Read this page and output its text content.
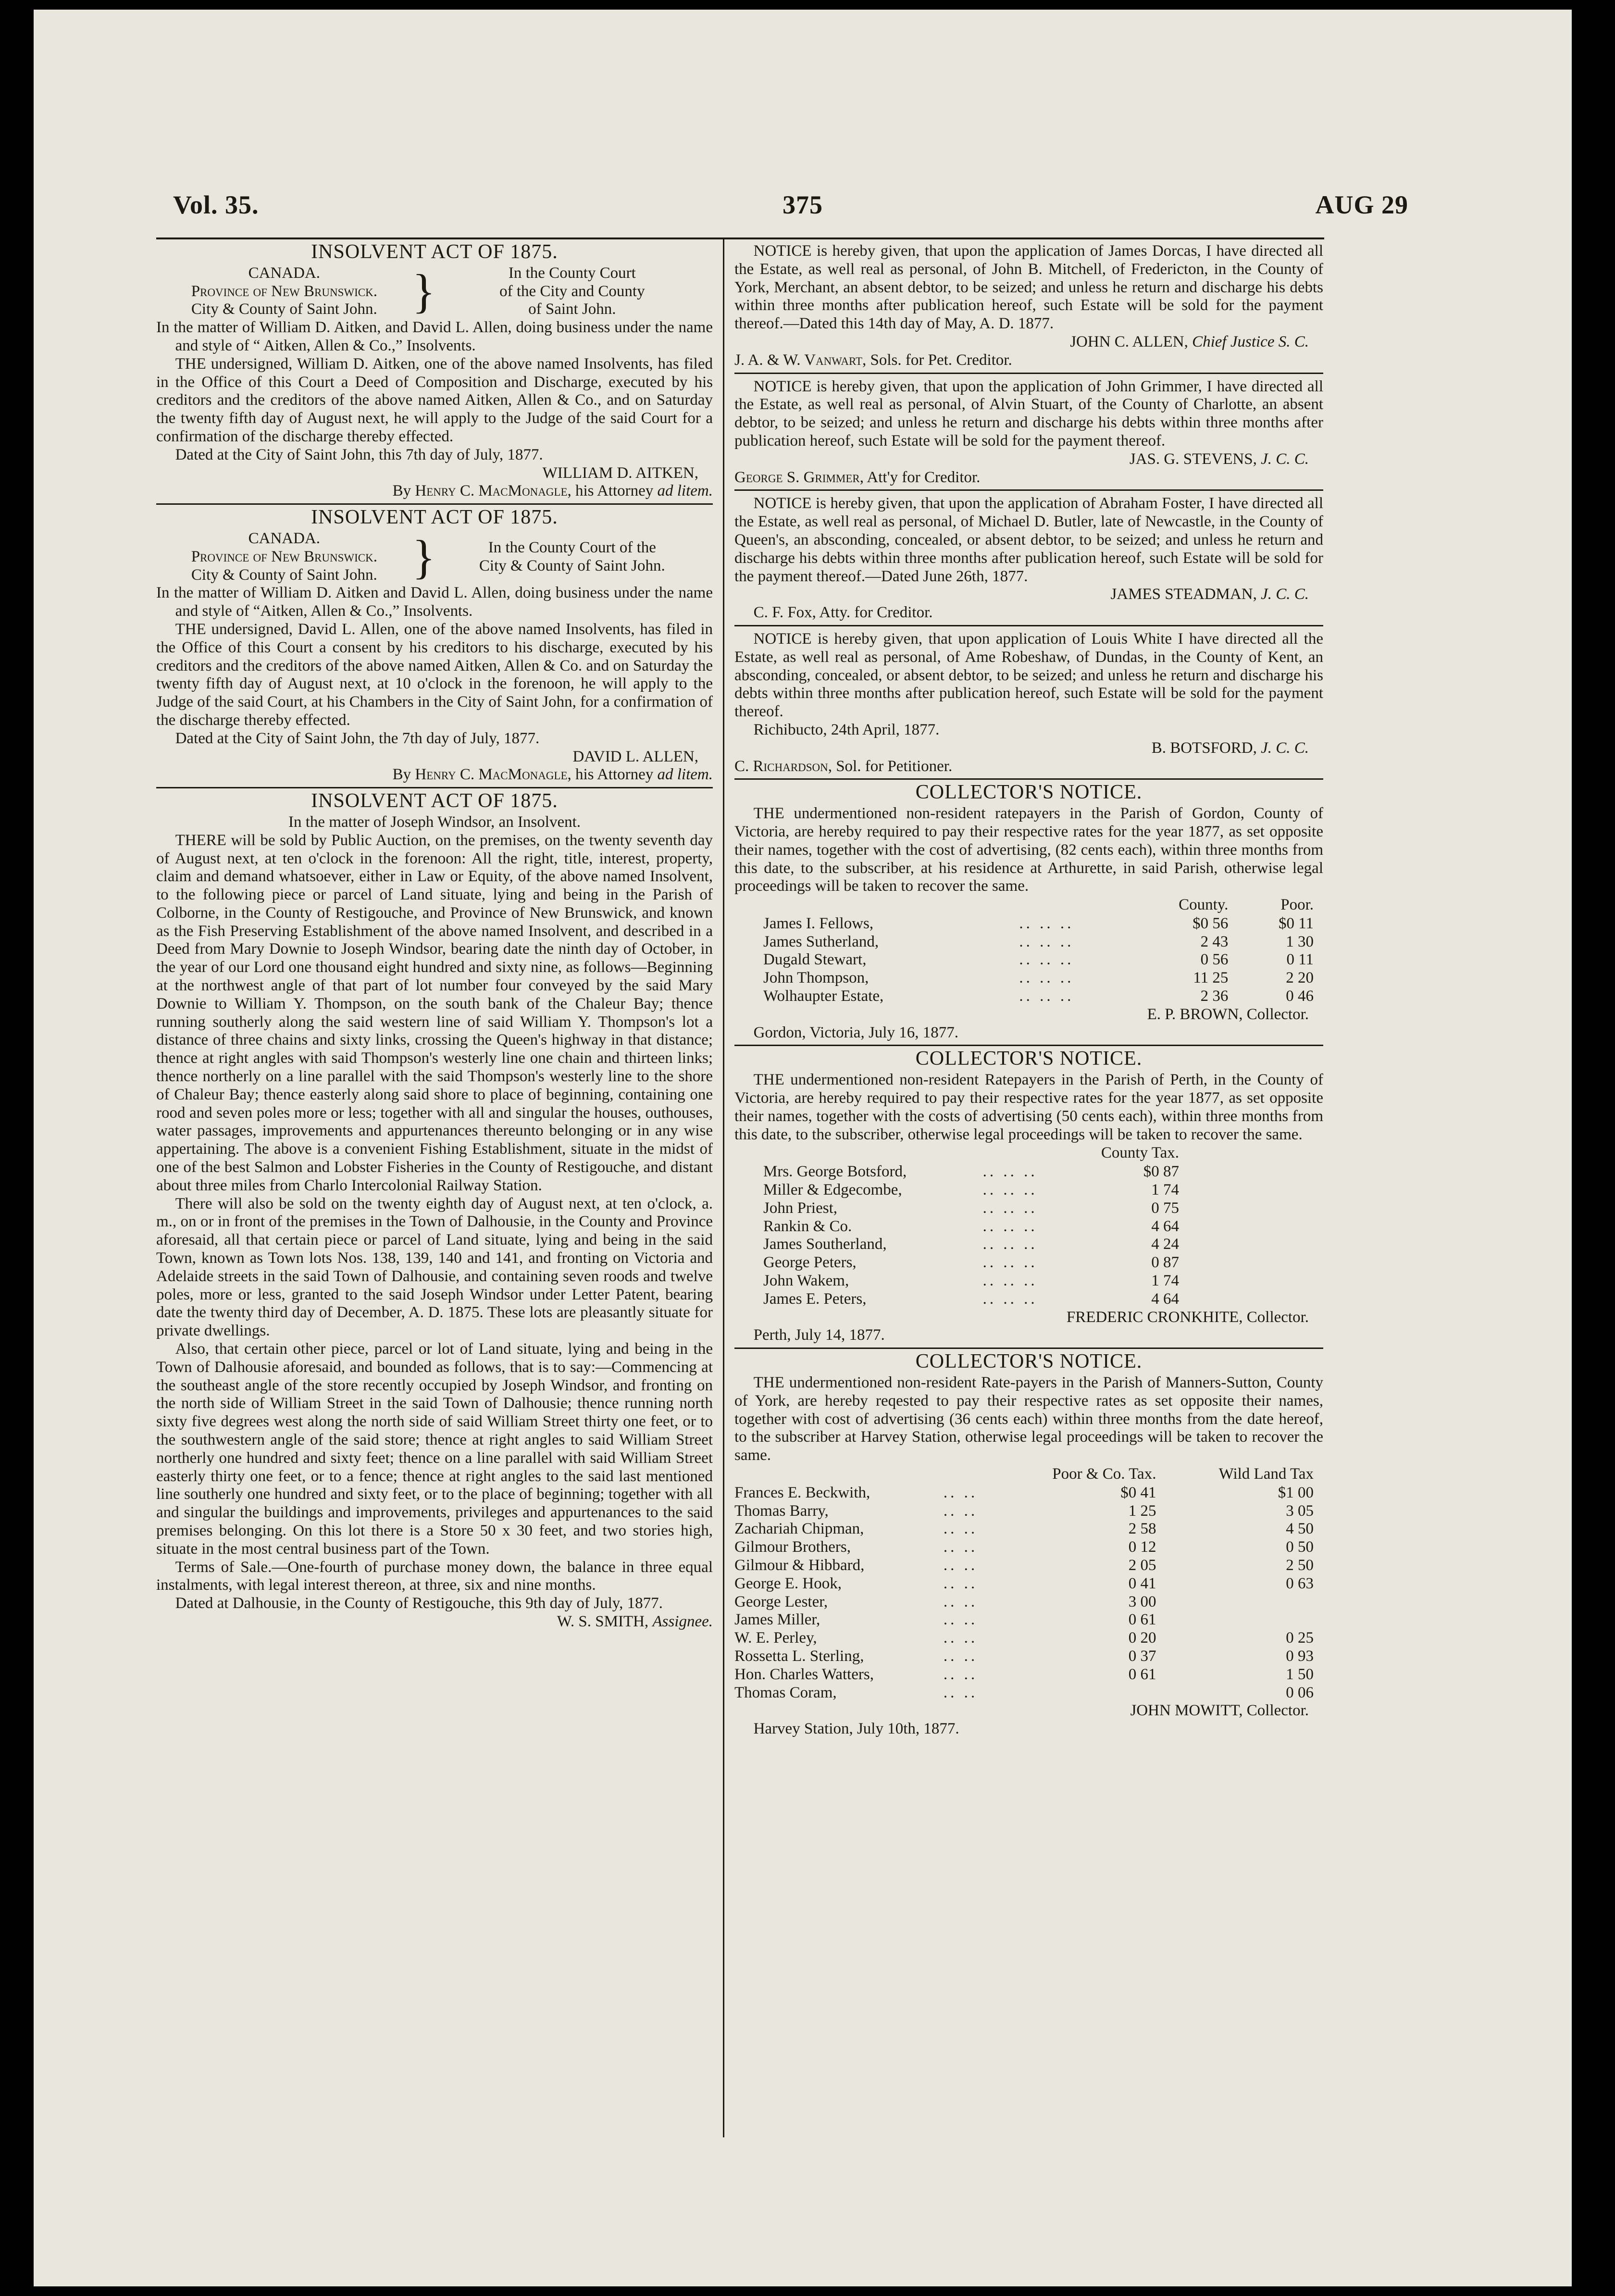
Vol. 35.	375	AUG 29
INSOLVENT ACT OF 1875.
CANADA.
Province of New Brunswick.
City & County of Saint John. }	In the County Court
of the City and County
of Saint John.
In the matter of William D. Aitken, and David L. Allen, doing business under the name and style of “ Aitken, Allen & Co.,” Insolvents.
THE undersigned, William D. Aitken, one of the above named Insolvents, has filed in the Office of this Court a Deed of Composition and Discharge, executed by his creditors and the creditors of the above named Aitken, Allen & Co., and on Saturday the twenty fifth day of August next, he will apply to the Judge of the said Court for a confirmation of the discharge thereby effected.
Dated at the City of Saint John, this 7th day of July, 1877.
WILLIAM D. AITKEN,
By Henry C. MacMonagle, his Attorney ad litem.
INSOLVENT ACT OF 1875.
CANADA.
Province of New Brunswick.
City & County of Saint John. }	In the County Court of the
City & County of Saint John.
In the matter of William D. Aitken and David L. Allen, doing business under the name and style of “Aitken, Allen & Co.,” Insolvents.
THE undersigned, David L. Allen, one of the above named Insolvents, has filed in the Office of this Court a consent by his creditors to his discharge, executed by his creditors and the creditors of the above named Aitken, Allen & Co. and on Saturday the twenty fifth day of August next, at 10 o'clock in the forenoon, he will apply to the Judge of the said Court, at his Chambers in the City of Saint John, for a confirmation of the discharge thereby effected.
Dated at the City of Saint John, the 7th day of July, 1877.
DAVID L. ALLEN,
By Henry C. MacMonagle, his Attorney ad litem.
INSOLVENT ACT OF 1875.
In the matter of Joseph Windsor, an Insolvent.
THERE will be sold by Public Auction, on the premises, on the twenty seventh day of August next, at ten o'clock in the forenoon: All the right, title, interest, property, claim and demand whatsoever, either in Law or Equity, of the above named Insolvent, to the following piece or parcel of Land situate, lying and being in the Parish of Colborne, in the County of Restigouche, and Province of New Brunswick, and known as the Fish Preserving Establishment of the above named Insolvent, and described in a Deed from Mary Downie to Joseph Windsor, bearing date the ninth day of October, in the year of our Lord one thousand eight hundred and sixty nine, as follows—Beginning at the northwest angle of that part of lot number four conveyed by the said Mary Downie to William Y. Thompson, on the south bank of the Chaleur Bay; thence running southerly along the said western line of said William Y. Thompson's lot a distance of three chains and sixty links, crossing the Queen's highway in that distance; thence at right angles with said Thompson's westerly line one chain and thirteen links; thence northerly on a line parallel with the said Thompson's westerly line to the shore of Chaleur Bay; thence easterly along said shore to place of beginning, containing one rood and seven poles more or less; together with all and singular the houses, outhouses, water passages, improvements and appurtenances thereunto belonging or in any wise appertaining. The above is a convenient Fishing Establishment, situate in the midst of one of the best Salmon and Lobster Fisheries in the County of Restigouche, and distant about three miles from Charlo Intercolonial Railway Station.
There will also be sold on the twenty eighth day of August next, at ten o'clock, a. m., on or in front of the premises in the Town of Dalhousie, in the County and Province aforesaid, all that certain piece or parcel of Land situate, lying and being in the said Town, known as Town lots Nos. 138, 139, 140 and 141, and fronting on Victoria and Adelaide streets in the said Town of Dalhousie, and containing seven roods and twelve poles, more or less, granted to the said Joseph Windsor under Letter Patent, bearing date the twenty third day of December, A. D. 1875. These lots are pleasantly situate for private dwellings.
Also, that certain other piece, parcel or lot of Land situate, lying and being in the Town of Dalhousie aforesaid, and bounded as follows, that is to say:—Commencing at the southeast angle of the store recently occupied by Joseph Windsor, and fronting on the north side of William Street in the said Town of Dalhousie; thence running north sixty five degrees west along the north side of said William Street thirty one feet, or to the southwestern angle of the said store; thence at right angles to said William Street northerly one hundred and sixty feet; thence on a line parallel with said William Street easterly thirty one feet, or to a fence; thence at right angles to the said last mentioned line southerly one hundred and sixty feet, or to the place of beginning; together with all and singular the buildings and improvements, privileges and appurtenances to the said premises belonging. On this lot there is a Store 50 x 30 feet, and two stories high, situate in the most central business part of the Town.
Terms of Sale.—One-fourth of purchase money down, the balance in three equal instalments, with legal interest thereon, at three, six and nine months.
Dated at Dalhousie, in the County of Restigouche, this 9th day of July, 1877.
W. S. SMITH, Assignee.
NOTICE is hereby given, that upon the application of James Dorcas, I have directed all the Estate, as well real as personal, of John B. Mitchell, of Fredericton, in the County of York, Merchant, an absent debtor, to be seized; and unless he return and discharge his debts within three months after publication hereof, such Estate will be sold for the payment thereof.—Dated this 14th day of May, A. D. 1877.
JOHN C. ALLEN, Chief Justice S. C.
J. A. & W. Vanwart, Sols. for Pet. Creditor.
NOTICE is hereby given, that upon the application of John Grimmer, I have directed all the Estate, as well real as personal, of Alvin Stuart, of the County of Charlotte, an absent debtor, to be seized; and unless he return and discharge his debts within three months after publication hereof, such Estate will be sold for the payment thereof.
JAS. G. STEVENS, J. C. C.
George S. Grimmer, Att'y for Creditor.
NOTICE is hereby given, that upon the application of Abraham Foster, I have directed all the Estate, as well real as personal, of Michael D. Butler, late of Newcastle, in the County of Queen's, an absconding, concealed, or absent debtor, to be seized; and unless he return and discharge his debts within three months after publication hereof, such Estate will be sold for the payment thereof.—Dated June 26th, 1877.
JAMES STEADMAN, J. C. C.
C. F. Fox, Atty. for Creditor.
NOTICE is hereby given, that upon application of Louis White I have directed all the Estate, as well real as personal, of Ame Robeshaw, of Dundas, in the County of Kent, an absconding, concealed, or absent debtor, to be seized; and unless he return and discharge his debts within three months after publication hereof, such Estate will be sold for the payment thereof.
Richibucto, 24th April, 1877.
B. BOTSFORD, J. C. C.
C. Richardson, Sol. for Petitioner.
COLLECTOR'S NOTICE.
THE undermentioned non-resident ratepayers in the Parish of Gordon, County of Victoria, are hereby required to pay their respective rates for the year 1877, as set opposite their names, together with the cost of advertising, (82 cents each), within three months from this date, to the subscriber, at his residence at Arthurette, in said Parish, otherwise legal proceedings will be taken to recover the same.
		County.	Poor.
James I. Fellows,	.. .. ..	$0 56	$0 11
James Sutherland,	.. .. ..	2 43	1 30
Dugald Stewart,	.. .. ..	0 56	0 11
John Thompson,	.. .. ..	11 25	2 20
Wolhaupter Estate,	.. .. ..	2 36	0 46
E. P. BROWN, Collector.
Gordon, Victoria, July 16, 1877.
COLLECTOR'S NOTICE.
THE undermentioned non-resident Ratepayers in the Parish of Perth, in the County of Victoria, are hereby required to pay their respective rates for the year 1877, as set opposite their names, together with the costs of advertising (50 cents each), within three months from this date, to the subscriber, otherwise legal proceedings will be taken to recover the same.
		County Tax.	
Mrs. George Botsford,	.. .. ..	$0 87	
Miller & Edgecombe,	.. .. ..	1 74	
John Priest,	.. .. ..	0 75	
Rankin & Co.	.. .. ..	4 64	
James Southerland,	.. .. ..	4 24	
George Peters,	.. .. ..	0 87	
John Wakem,	.. .. ..	1 74	
James E. Peters,	.. .. ..	4 64	
FREDERIC CRONKHITE, Collector.
Perth, July 14, 1877.
COLLECTOR'S NOTICE.
THE undermentioned non-resident Rate-payers in the Parish of Manners-Sutton, County of York, are hereby reqested to pay their respective rates as set opposite their names, together with cost of advertising (36 cents each) within three months from the date hereof, to the subscriber at Harvey Station, otherwise legal proceedings will be taken to recover the same.
		Poor & Co. Tax.	Wild Land Tax
Frances E. Beckwith,	.. ..	$0 41	$1 00
Thomas Barry,	.. ..	1 25	3 05
Zachariah Chipman,	.. ..	2 58	4 50
Gilmour Brothers,	.. ..	0 12	0 50
Gilmour & Hibbard,	.. ..	2 05	2 50
George E. Hook,	.. ..	0 41	0 63
George Lester,	.. ..	3 00	
James Miller,	.. ..	0 61	
W. E. Perley,	.. ..	0 20	0 25
Rossetta L. Sterling,	.. ..	0 37	0 93
Hon. Charles Watters,	.. ..	0 61	1 50
Thomas Coram,	.. ..		0 06
JOHN MOWITT, Collector.
Harvey Station, July 10th, 1877.
